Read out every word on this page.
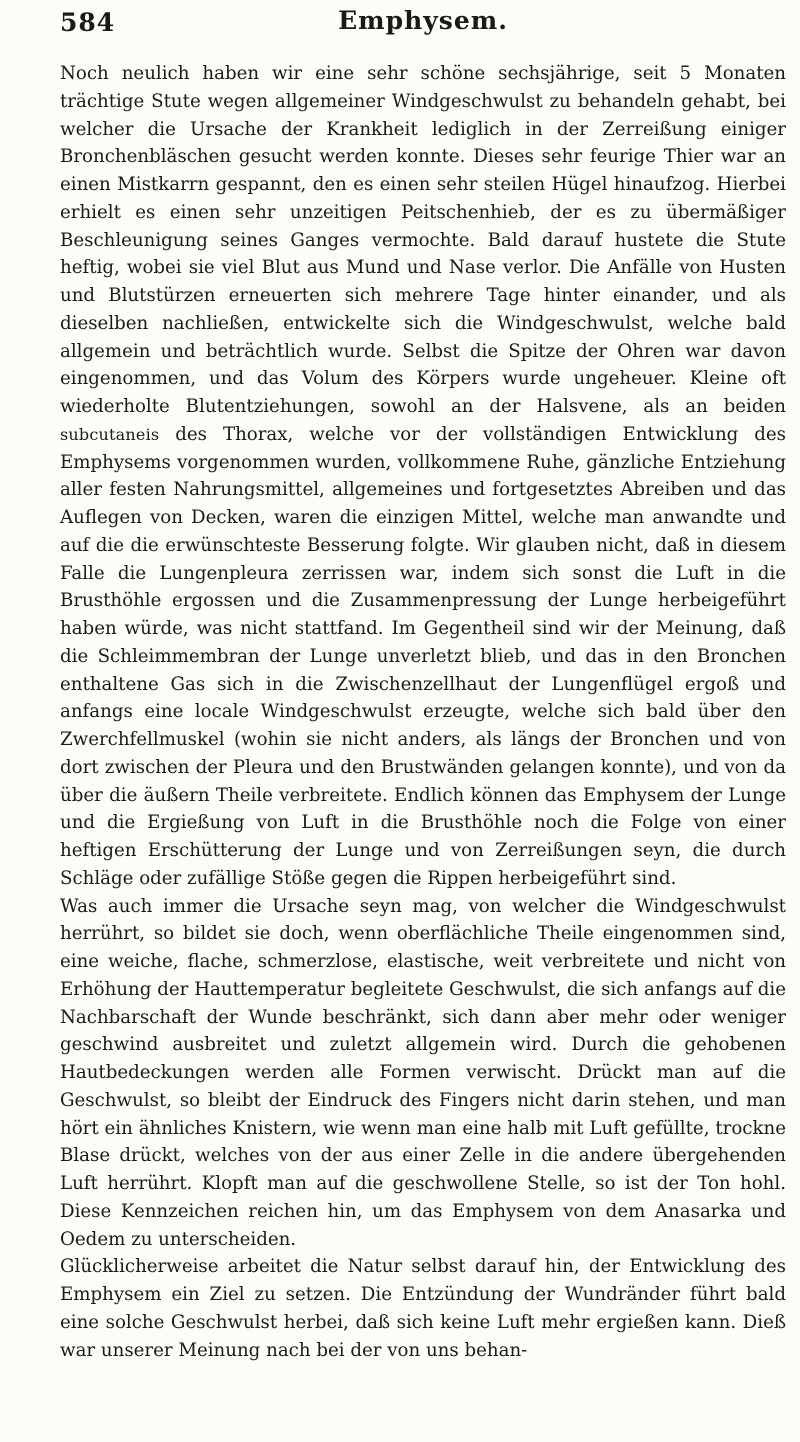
584	Emphysem.

Noch neulich haben wir eine sehr schöne sechsjährige, seit 5 Monaten trächtige Stute wegen allgemeiner Windgeschwulst zu behandeln gehabt, bei welcher die Ursache der Krankheit lediglich in der Zerreißung einiger Bronchenbläschen gesucht werden konnte. Dieses sehr feurige Thier war an einen Mistkarrn gespannt, den es einen sehr steilen Hügel hinaufzog. Hierbei erhielt es einen sehr unzeitigen Peitschenhieb, der es zu übermäßiger Beschleunigung seines Ganges vermochte. Bald darauf hustete die Stute heftig, wobei sie viel Blut aus Mund und Nase verlor. Die Anfälle von Husten und Blutstürzen erneuerten sich mehrere Tage hinter einander, und als dieselben nachließen, entwickelte sich die Windgeschwulst, welche bald allgemein und beträchtlich wurde. Selbst die Spitze der Ohren war davon eingenommen, und das Volum des Körpers wurde ungeheuer. Kleine oft wiederholte Blutentziehungen, sowohl an der Halsvene, als an beiden subcutaneis des Thorax, welche vor der vollständigen Entwicklung des Emphysems vorgenommen wurden, vollkommene Ruhe, gänzliche Entziehung aller festen Nahrungsmittel, allgemeines und fortgesetztes Abreiben und das Auflegen von Decken, waren die einzigen Mittel, welche man anwandte und auf die die erwünschteste Besserung folgte. Wir glauben nicht, daß in diesem Falle die Lungenpleura zerrissen war, indem sich sonst die Luft in die Brusthöhle ergossen und die Zusammenpressung der Lunge herbeigeführt haben würde, was nicht stattfand. Im Gegentheil sind wir der Meinung, daß die Schleimmembran der Lunge unverletzt blieb, und das in den Bronchen enthaltene Gas sich in die Zwischenzellhaut der Lungenflügel ergoß und anfangs eine locale Windgeschwulst erzeugte, welche sich bald über den Zwerchfellmuskel (wohin sie nicht anders, als längs der Bronchen und von dort zwischen der Pleura und den Brustwänden gelangen konnte), und von da über die äußern Theile verbreitete. Endlich können das Emphysem der Lunge und die Ergießung von Luft in die Brusthöhle noch die Folge von einer heftigen Erschütterung der Lunge und von Zerreißungen seyn, die durch Schläge oder zufällige Stöße gegen die Rippen herbeigeführt sind.

Was auch immer die Ursache seyn mag, von welcher die Windgeschwulst herrührt, so bildet sie doch, wenn oberflächliche Theile eingenommen sind, eine weiche, flache, schmerzlose, elastische, weit verbreitete und nicht von Erhöhung der Hauttemperatur begleitete Geschwulst, die sich anfangs auf die Nachbarschaft der Wunde beschränkt, sich dann aber mehr oder weniger geschwind ausbreitet und zuletzt allgemein wird. Durch die gehobenen Hautbedeckungen werden alle Formen verwischt. Drückt man auf die Geschwulst, so bleibt der Eindruck des Fingers nicht darin stehen, und man hört ein ähnliches Knistern, wie wenn man eine halb mit Luft gefüllte, trockne Blase drückt, welches von der aus einer Zelle in die andere übergehenden Luft herrührt. Klopft man auf die geschwollene Stelle, so ist der Ton hohl. Diese Kennzeichen reichen hin, um das Emphysem von dem Anasarka und Oedem zu unterscheiden.

Glücklicherweise arbeitet die Natur selbst darauf hin, der Entwicklung des Emphysem ein Ziel zu setzen. Die Entzündung der Wundränder führt bald eine solche Geschwulst herbei, daß sich keine Luft mehr ergießen kann. Dieß war unserer Meinung nach bei der von uns behan-
